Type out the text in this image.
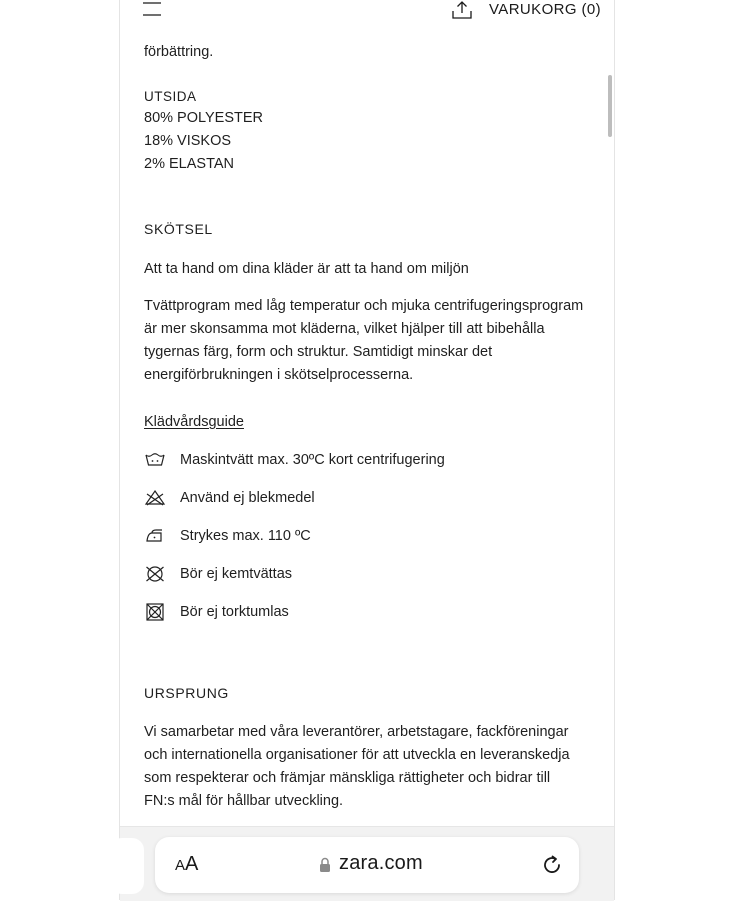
förbättring.

UTSIDA

80% POLYESTER

18% VISKOS

2% ELASTAN

SKÖTSEL

Att ta hand om dina kläder är att ta hand om miljön

Tvättprogram med låg temperatur och mjuka centrifugeringsprogram är mer skonsamma mot kläderna, vilket hjälper till att bibehålla tygernas färg, form och struktur. Samtidigt minskar det energiförbrukningen i skötselprocesserna.

Klädvårdsguide

Maskintvätt max. 30ºC kort centrifugering
Använd ej blekmedel
Strykes max. 110 ºC
Bör ej kemtvättas
Bör ej torktumlas

URSPRUNG

Vi samarbetar med våra leverantörer, arbetstagare, fackföreningar och internationella organisationer för att utveckla en leveranskedja som respekterar och främjar mänskliga rättigheter och bidrar till FN:s mål för hållbar utveckling.

VARUKORG (0)
AA	zara.com
